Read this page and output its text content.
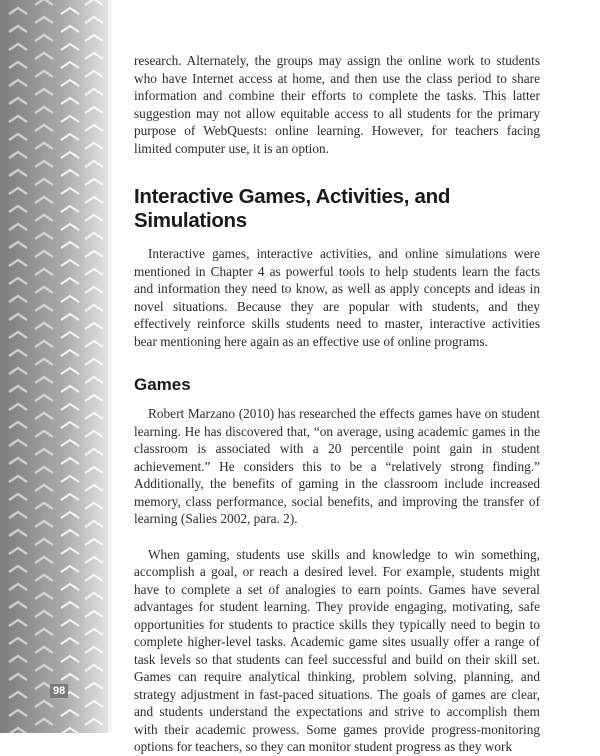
98

research. Alternately, the groups may assign the online work to students who have Internet access at home, and then use the class period to share information and combine their efforts to complete the tasks. This latter suggestion may not allow equitable access to all students for the primary purpose of WebQuests: online learning. However, for teachers facing limited computer use, it is an option.

Interactive Games, Activities, and Simulations

Interactive games, interactive activities, and online simulations were mentioned in Chapter 4 as powerful tools to help students learn the facts and information they need to know, as well as apply concepts and ideas in novel situations. Because they are popular with students, and they effectively reinforce skills students need to master, interactive activities bear mentioning here again as an effective use of online programs.

Games

Robert Marzano (2010) has researched the effects games have on student learning. He has discovered that, “on average, using academic games in the classroom is associated with a 20 percentile point gain in student achievement.” He considers this to be a “relatively strong finding.” Additionally, the benefits of gaming in the classroom include increased memory, class performance, social benefits, and improving the transfer of learning (Salies 2002, para. 2).

When gaming, students use skills and knowledge to win something, accomplish a goal, or reach a desired level. For example, students might have to complete a set of analogies to earn points. Games have several advantages for student learning. They provide engaging, motivating, safe opportunities for students to practice skills they typically need to begin to complete higher-level tasks. Academic game sites usually offer a range of task levels so that students can feel successful and build on their skill set. Games can require analytical thinking, problem solving, planning, and strategy adjustment in fast-paced situations. The goals of games are clear, and students understand the expectations and strive to accomplish them with their academic prowess. Some games provide progress-monitoring options for teachers, so they can monitor student progress as they work
